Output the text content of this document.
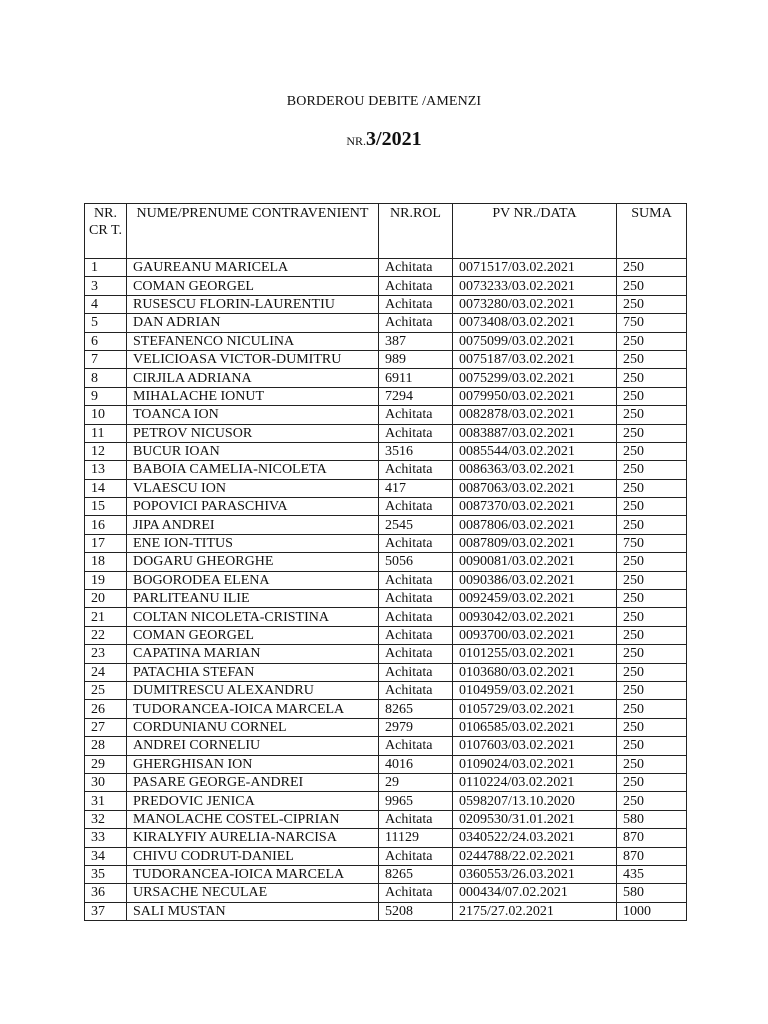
BORDEROU DEBITE /AMENZI
NR.3/2021
NR. CR T.	NUME/PRENUME CONTRAVENIENT	NR.ROL	PV NR./DATA	SUMA
1	GAUREANU MARICELA	Achitata	0071517/03.02.2021	250
3	COMAN GEORGEL	Achitata	0073233/03.02.2021	250
4	RUSESCU FLORIN-LAURENTIU	Achitata	0073280/03.02.2021	250
5	DAN ADRIAN	Achitata	0073408/03.02.2021	750
6	STEFANENCO NICULINA	387	0075099/03.02.2021	250
7	VELICIOASA VICTOR-DUMITRU	989	0075187/03.02.2021	250
8	CIRJILA ADRIANA	6911	0075299/03.02.2021	250
9	MIHALACHE IONUT	7294	0079950/03.02.2021	250
10	TOANCA ION	Achitata	0082878/03.02.2021	250
11	PETROV NICUSOR	Achitata	0083887/03.02.2021	250
12	BUCUR IOAN	3516	0085544/03.02.2021	250
13	BABOIA CAMELIA-NICOLETA	Achitata	0086363/03.02.2021	250
14	VLAESCU ION	417	0087063/03.02.2021	250
15	POPOVICI PARASCHIVA	Achitata	0087370/03.02.2021	250
16	JIPA ANDREI	2545	0087806/03.02.2021	250
17	ENE ION-TITUS	Achitata	0087809/03.02.2021	750
18	DOGARU GHEORGHE	5056	0090081/03.02.2021	250
19	BOGORODEA ELENA	Achitata	0090386/03.02.2021	250
20	PARLITEANU ILIE	Achitata	0092459/03.02.2021	250
21	COLTAN NICOLETA-CRISTINA	Achitata	0093042/03.02.2021	250
22	COMAN GEORGEL	Achitata	0093700/03.02.2021	250
23	CAPATINA MARIAN	Achitata	0101255/03.02.2021	250
24	PATACHIA STEFAN	Achitata	0103680/03.02.2021	250
25	DUMITRESCU ALEXANDRU	Achitata	0104959/03.02.2021	250
26	TUDORANCEA-IOICA MARCELA	8265	0105729/03.02.2021	250
27	CORDUNIANU CORNEL	2979	0106585/03.02.2021	250
28	ANDREI CORNELIU	Achitata	0107603/03.02.2021	250
29	GHERGHISAN ION	4016	0109024/03.02.2021	250
30	PASARE GEORGE-ANDREI	29	0110224/03.02.2021	250
31	PREDOVIC JENICA	9965	0598207/13.10.2020	250
32	MANOLACHE COSTEL-CIPRIAN	Achitata	0209530/31.01.2021	580
33	KIRALYFIY AURELIA-NARCISA	11129	0340522/24.03.2021	870
34	CHIVU CODRUT-DANIEL	Achitata	0244788/22.02.2021	870
35	TUDORANCEA-IOICA MARCELA	8265	0360553/26.03.2021	435
36	URSACHE NECULAE	Achitata	000434/07.02.2021	580
37	SALI MUSTAN	5208	2175/27.02.2021	1000
